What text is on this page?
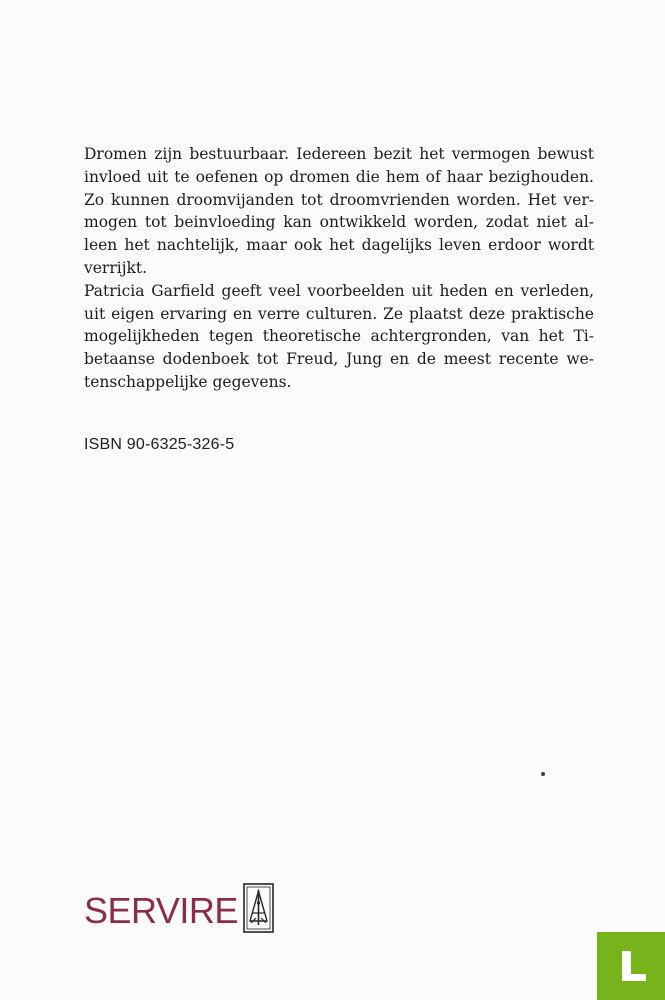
Dromen zijn bestuurbaar. Iedereen bezit het vermogen bewust
invloed uit te oefenen op dromen die hem of haar bezighouden.
Zo kunnen droomvijanden tot droomvrienden worden. Het ver-
mogen tot beinvloeding kan ontwikkeld worden, zodat niet al-
leen het nachtelijk, maar ook het dagelijks leven erdoor wordt
verrijkt.
Patricia Garfield geeft veel voorbeelden uit heden en verleden,
uit eigen ervaring en verre culturen. Ze plaatst deze praktische
mogelijkheden tegen theoretische achtergronden, van het Ti-
betaanse dodenboek tot Freud, Jung en de meest recente we-
tenschappelijke gegevens.

ISBN 90-6325-326-5
SERVIRE
